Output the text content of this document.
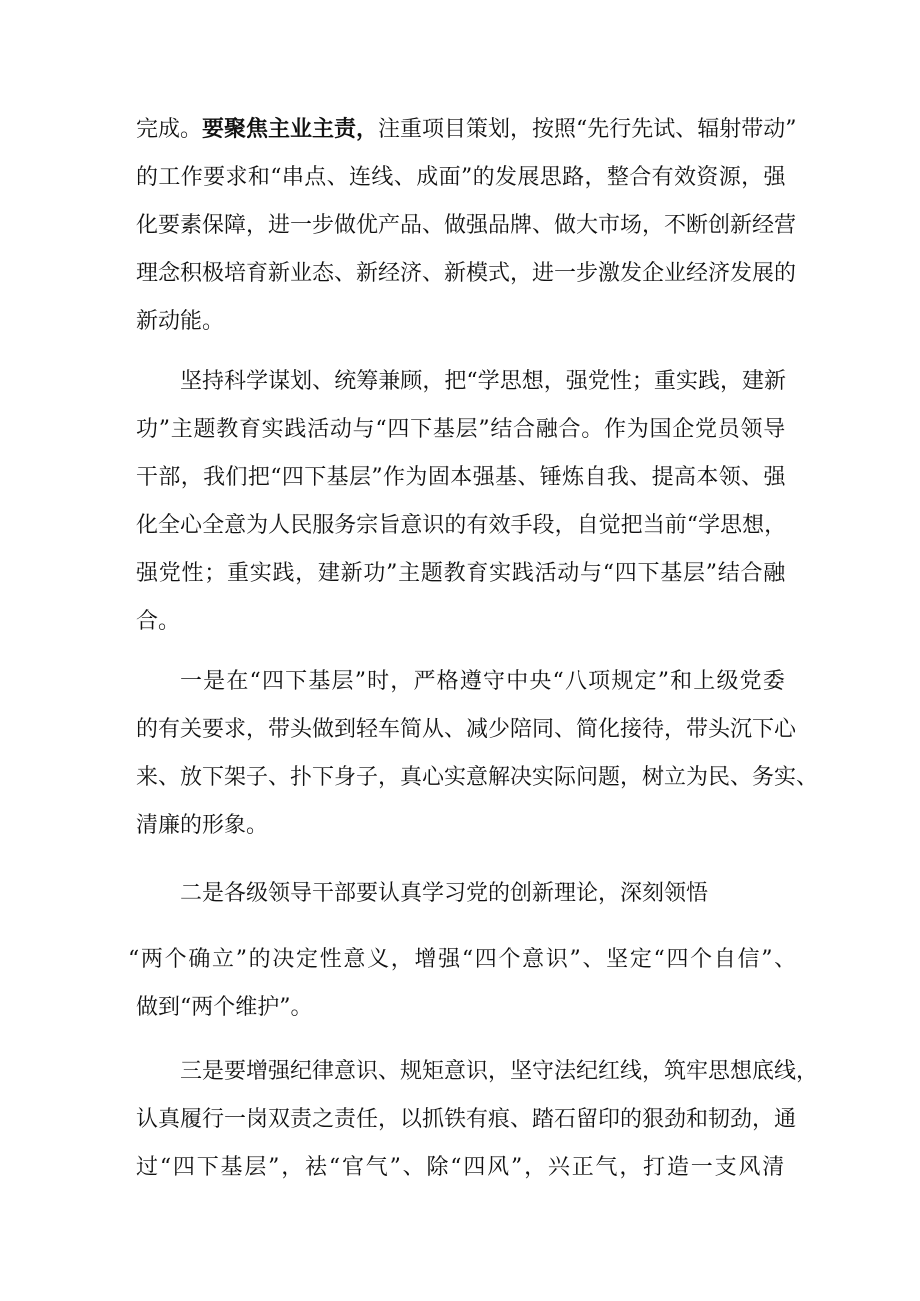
完成。要聚焦主业主责，注重项目策划，按照“先行先试、辐射带动”
的工作要求和“串点、连线、成面”的发展思路，整合有效资源，强
化要素保障，进一步做优产品、做强品牌、做大市场，不断创新经营
理念积极培育新业态、新经济、新模式，进一步激发企业经济发展的
新动能。
坚持科学谋划、统筹兼顾，把“学思想，强党性；重实践，建新
功”主题教育实践活动与“四下基层”结合融合。作为国企党员领导
干部，我们把“四下基层”作为固本强基、锤炼自我、提高本领、强
化全心全意为人民服务宗旨意识的有效手段，自觉把当前“学思想，
强党性；重实践，建新功”主题教育实践活动与“四下基层”结合融
合。
一是在“四下基层”时，严格遵守中央“八项规定”和上级党委
的有关要求，带头做到轻车简从、减少陪同、简化接待，带头沉下心
来、放下架子、扑下身子，真心实意解决实际问题，树立为民、务实、
清廉的形象。
二是各级领导干部要认真学习党的创新理论，深刻领悟
“两个确立”的决定性意义，增强“四个意识”、坚定“四个自信”、
做到“两个维护”。
三是要增强纪律意识、规矩意识，坚守法纪红线，筑牢思想底线，
认真履行一岗双责之责任，以抓铁有痕、踏石留印的狠劲和韧劲，通
过“四下基层”，祛“官气”、除“四风”，兴正气，打造一支风清
